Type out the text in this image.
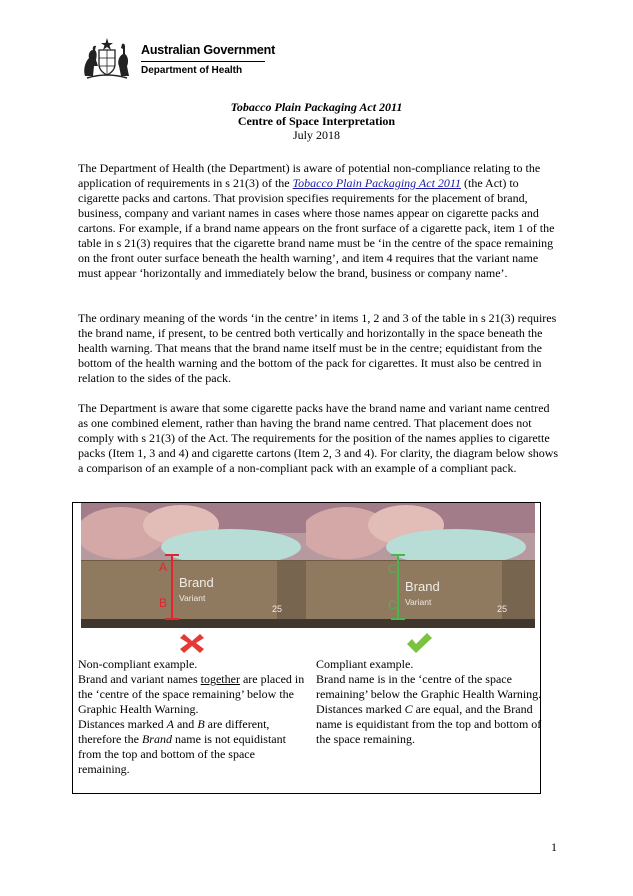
Australian Government
Department of Health
Tobacco Plain Packaging Act 2011
Centre of Space Interpretation
July 2018
The Department of Health (the Department) is aware of potential non-compliance relating to the application of requirements in s 21(3) of the Tobacco Plain Packaging Act 2011 (the Act) to cigarette packs and cartons. That provision specifies requirements for the placement of brand, business, company and variant names in cases where those names appear on cigarette packs and cartons. For example, if a brand name appears on the front surface of a cigarette pack, item 1 of the table in s 21(3) requires that the cigarette brand name must be ‘in the centre of the space remaining on the front outer surface beneath the health warning’, and item 4 requires that the variant name must appear ‘horizontally and immediately below the brand, business or company name’.
The ordinary meaning of the words ‘in the centre’ in items 1, 2 and 3 of the table in s 21(3) requires the brand name, if present, to be centred both vertically and horizontally in the space beneath the health warning. That means that the brand name itself must be in the centre; equidistant from the bottom of the health warning and the bottom of the pack for cigarettes. It must also be centred in relation to the sides of the pack.
The Department is aware that some cigarette packs have the brand name and variant name centred as one combined element, rather than having the brand name centred. That placement does not comply with s 21(3) of the Act. The requirements for the position of the names applies to cigarette packs (Item 1, 3 and 4) and cigarette cartons (Item 2, 3 and 4). For clarity, the diagram below shows a comparison of an example of a non-compliant pack with an example of a compliant pack.
A
B
Brand
Variant
25
C
C
Brand
Variant
25
Non-compliant example.
Brand and variant names together are placed in the ‘centre of the space remaining’ below the Graphic Health Warning.
Distances marked A and B are different, therefore the Brand name is not equidistant from the top and bottom of the space remaining.
Compliant example.
Brand name is in the ‘centre of the space remaining’ below the Graphic Health Warning.
Distances marked C are equal, and the Brand name is equidistant from the top and bottom of the space remaining.
1
